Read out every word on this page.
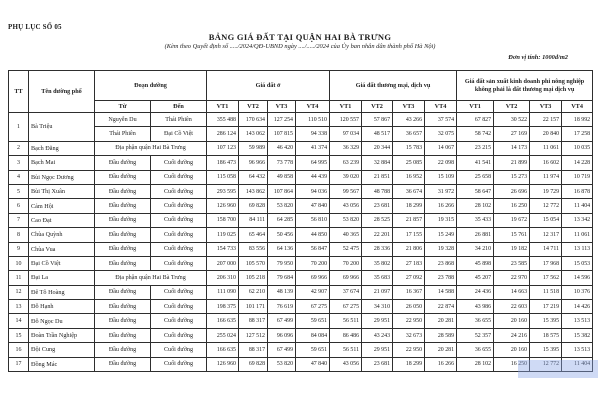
PHỤ LỤC SỐ 05
BẢNG GIÁ ĐẤT TẠI QUẬN HAI BÀ TRƯNG
(Kèm theo Quyết định số ...../2024/QĐ-UBND ngày ..../...../2024 của Ủy ban nhân dân thành phố Hà Nội)
Đơn vị tính: 1000đ/m2
TT	Tên đường phố	Đoạn đường		Giá đất ở				Giá đất thương mại, dịch vụ				Giá đất sản xuất kinh doanh phi nông nghiệp không phải là đất thương mại dịch vụ			
		Từ	Đến	VT1	VT2	VT3	VT4	VT1	VT2	VT3	VT4	VT1	VT2	VT3	VT4
1	Bà Triệu	Nguyễn Du	Thái Phiên	355 488	170 634	127 254	110 510	120 557	57 867	43 266	37 574	67 827	30 522	22 157	18 992
		Thái Phiên	Đại Cồ Việt	286 124	143 062	107 815	94 338	97 034	48 517	36 657	32 075	58 742	27 169	20 840	17 258
2	Bạch Đằng	Địa phận quận Hai Bà Trưng		107 123	59 989	46 420	41 374	36 329	20 344	15 783	14 067	23 215	14 173	11 061	10 035
3	Bạch Mai	Đầu đường	Cuối đường	186 473	96 966	73 778	64 995	63 239	32 884	25 085	22 098	41 541	21 899	16 602	14 228
4	Bùi Ngọc Dương	Đầu đường	Cuối đường	115 058	64 432	49 858	44 439	39 020	21 851	16 952	15 109	25 658	15 273	11 974	10 719
5	Bùi Thị Xuân	Đầu đường	Cuối đường	293 595	143 862	107 864	94 036	99 567	48 788	36 674	31 972	58 647	26 696	19 729	16 878
6	Cảm Hội	Đầu đường	Cuối đường	126 960	69 828	53 820	47 840	43 056	23 681	18 299	16 266	28 102	16 250	12 772	11 404
7	Cao Đạt	Đầu đường	Cuối đường	158 700	84 111	64 285	56 810	53 820	28 525	21 857	19 315	35 433	19 672	15 054	13 342
8	Chùa Quỳnh	Đầu đường	Cuối đường	119 025	65 464	50 456	44 850	40 365	22 201	17 155	15 249	26 881	15 761	12 317	11 061
9	Chùa Vua	Đầu đường	Cuối đường	154 733	83 556	64 136	56 847	52 475	28 336	21 806	19 328	34 210	19 182	14 711	13 113
10	Đại Cồ Việt	Đầu đường	Cuối đường	207 000	105 570	79 950	70 200	70 200	35 802	27 183	23 868	45 898	23 585	17 968	15 053
11	Đại La	Địa phận quận Hai Bà Trưng		206 310	105 218	79 684	69 966	69 966	35 683	27 092	23 788	45 207	22 970	17 562	14 596
12	Đê Tô Hoàng	Đầu đường	Cuối đường	111 090	62 210	48 139	42 907	37 674	21 097	16 367	14 588	24 436	14 663	11 518	10 376
13	Đỗ Hạnh	Đầu đường	Cuối đường	198 375	101 171	76 619	67 275	67 275	34 310	26 050	22 874	43 986	22 603	17 219	14 426
14	Đỗ Ngọc Du	Đầu đường	Cuối đường	166 635	88 317	67 499	59 651	56 511	29 951	22 950	20 281	36 655	20 160	15 395	13 513
15	Đoàn Trần Nghiệp	Đầu đường	Cuối đường	255 024	127 512	96 096	84 084	86 486	43 243	32 673	28 589	52 357	24 216	18 575	15 382
16	Đội Cung	Đầu đường	Cuối đường	166 635	88 317	67 499	59 651	56 511	29 951	22 950	20 281	36 655	20 160	15 395	13 513
17	Đồng Mác	Đầu đường	Cuối đường	126 960	69 828	53 820	47 840	43 056	23 681	18 299	16 266	28 102	16 250	12 772	11 404
